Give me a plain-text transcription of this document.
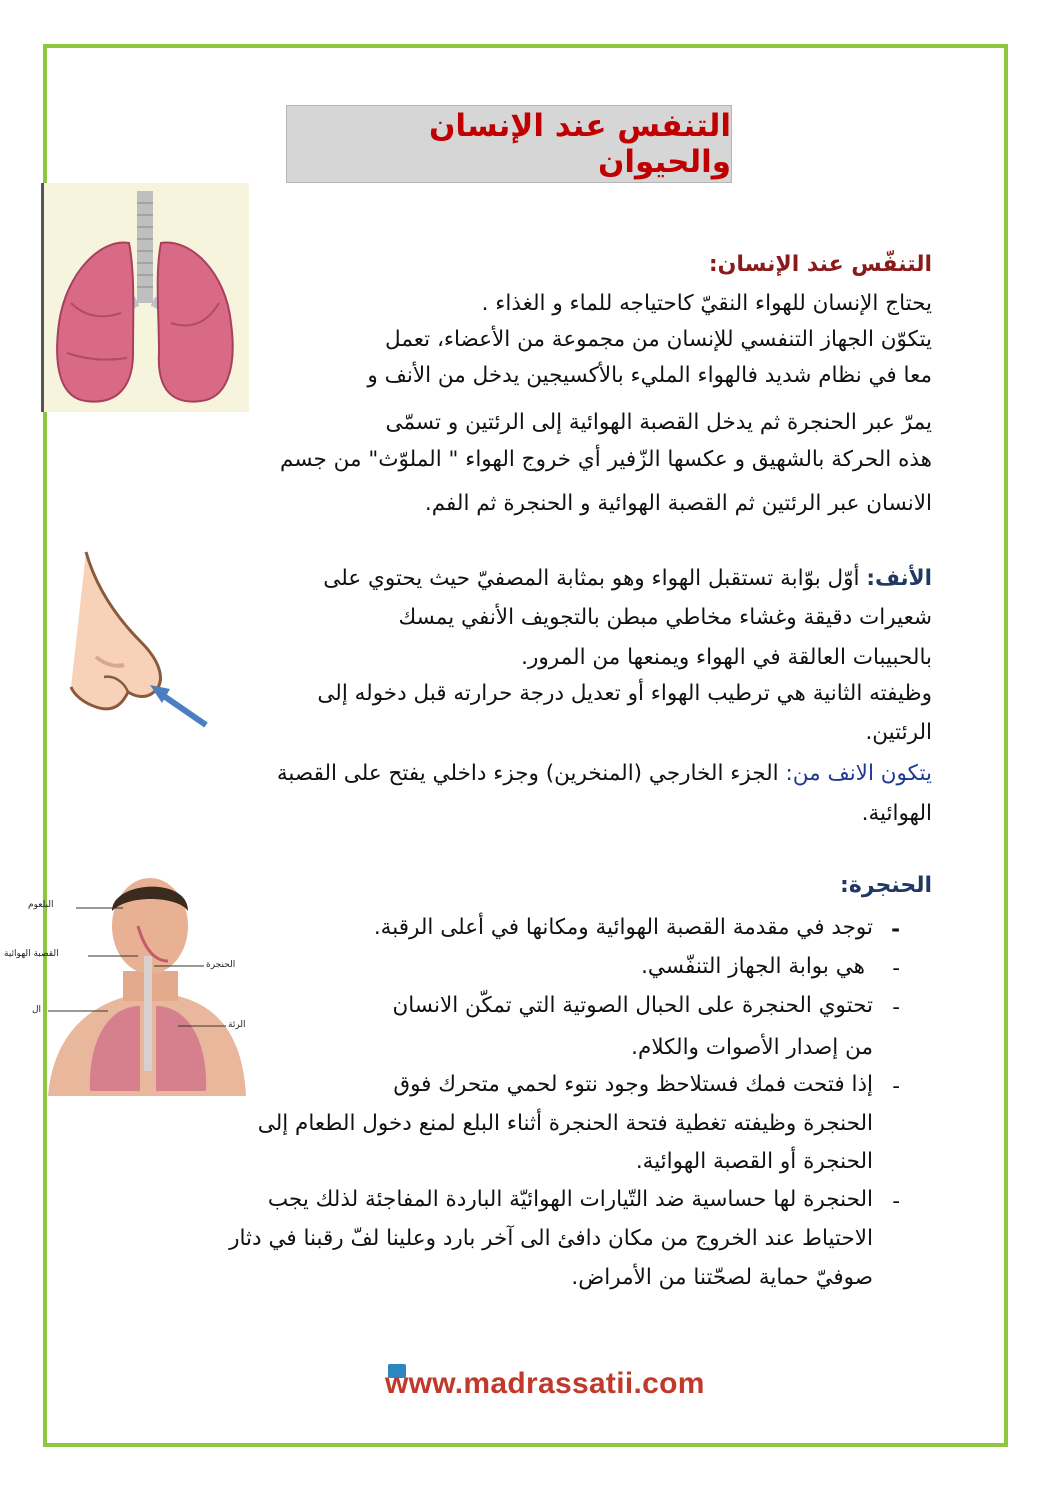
التنفس عند الإنسان والحيوان
التنفّس عند الإنسان:
يحتاج الإنسان للهواء النقيّ كاحتياجه للماء و الغذاء .
يتكوّن الجهاز التنفسي للإنسان من مجموعة من الأعضاء، تعمل
معا في نظام شديد فالهواء المليء بالأكسيجين يدخل من الأنف و
يمرّ عبر الحنجرة ثم يدخل القصبة الهوائية إلى الرئتين و تسمّى
هذه الحركة بالشهيق و عكسها الزّفير أي خروج الهواء " الملوّث" من جسم
الانسان عبر الرئتين ثم القصبة الهوائية و الحنجرة ثم الفم.
الأنف: أوّل بوّابة تستقبل الهواء وهو بمثابة المصفيّ حيث يحتوي على
شعيرات دقيقة وغشاء مخاطي مبطن بالتجويف الأنفي يمسك
بالحبيبات العالقة في الهواء ويمنعها من المرور.
وظيفته الثانية هي ترطيب الهواء أو تعديل درجة حرارته قبل دخوله إلى
الرئتين.
يتكون الانف من: الجزء الخارجي (المنخرين) وجزء داخلي يفتح على القصبة
الهوائية.
البلعوم
القصبة الهوائية
الحنجرة
ال
الرئة
الحنجرة:
-
توجد في مقدمة القصبة الهوائية ومكانها في أعلى الرقبة.
-
هي بوابة الجهاز التنفّسي.
-
تحتوي الحنجرة على الحبال الصوتية التي تمكّن الانسان
من إصدار الأصوات والكلام.
-
إذا فتحت فمك فستلاحظ وجود نتوء لحمي متحرك فوق
الحنجرة وظيفته تغطية فتحة الحنجرة أثناء البلع لمنع دخول الطعام إلى
الحنجرة أو القصبة الهوائية.
-
الحنجرة لها حساسية ضد التّيارات الهوائيّة الباردة المفاجئة لذلك يجب
الاحتياط عند الخروج من مكان دافئ الى آخر بارد وعلينا لفّ رقبنا في دثار
صوفيّ حماية لصحّتنا من الأمراض.
www.madrassatii.com
